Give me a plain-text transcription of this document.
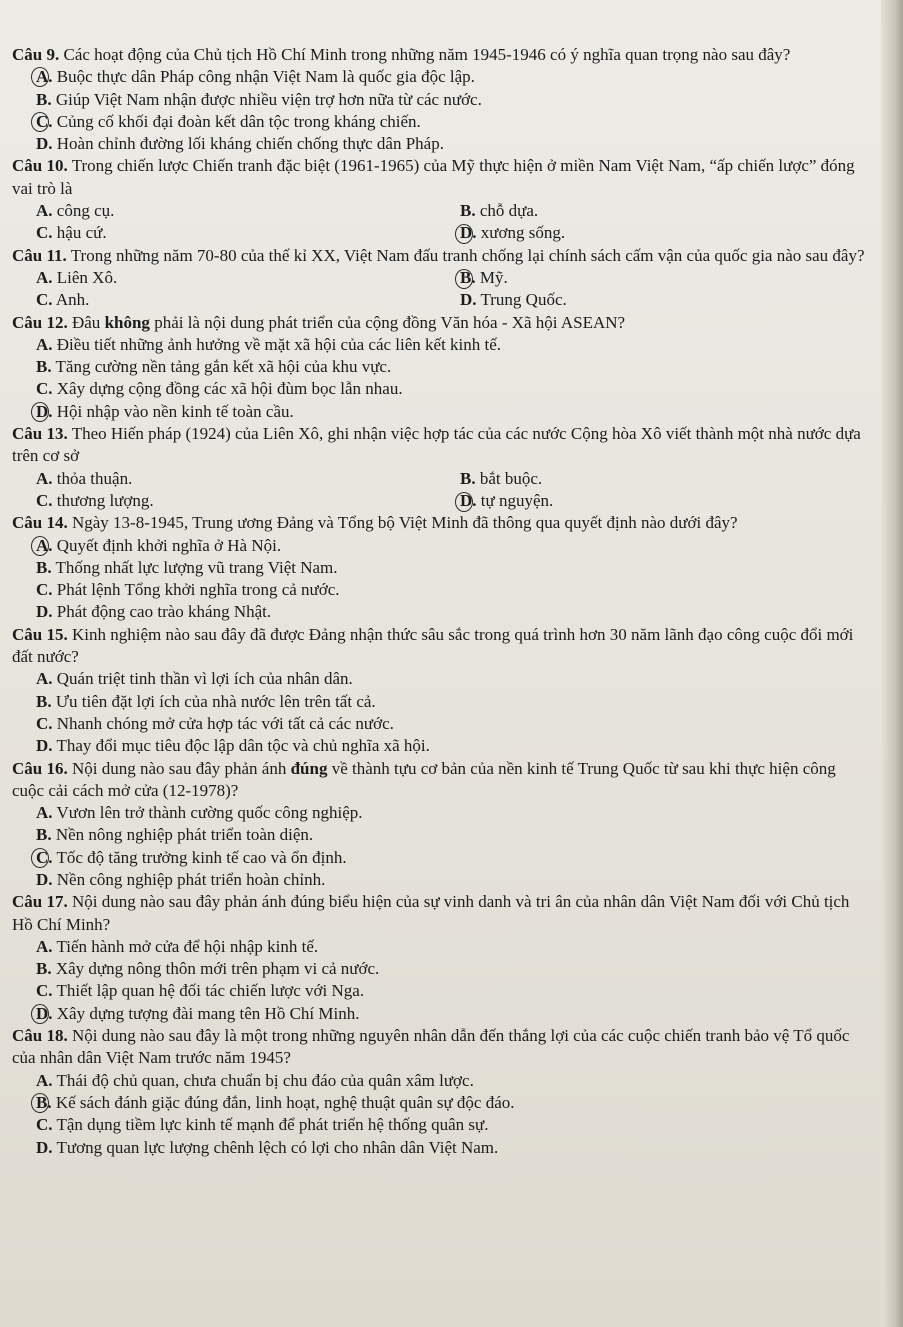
Câu 9. Các hoạt động của Chủ tịch Hồ Chí Minh trong những năm 1945-1946 có ý nghĩa quan trọng nào sau đây?
A. Buộc thực dân Pháp công nhận Việt Nam là quốc gia độc lập.
B. Giúp Việt Nam nhận được nhiều viện trợ hơn nữa từ các nước.
C. Củng cố khối đại đoàn kết dân tộc trong kháng chiến.
D. Hoàn chỉnh đường lối kháng chiến chống thực dân Pháp.
Câu 10. Trong chiến lược Chiến tranh đặc biệt (1961-1965) của Mỹ thực hiện ở miền Nam Việt Nam, “ấp chiến lược” đóng vai trò là
A. công cụ.	B. chỗ dựa.
C. hậu cứ.	D. xương sống.
Câu 11. Trong những năm 70-80 của thế kỉ XX, Việt Nam đấu tranh chống lại chính sách cấm vận của quốc gia nào sau đây?
A. Liên Xô.	B. Mỹ.
C. Anh.	D. Trung Quốc.
Câu 12. Đâu không phải là nội dung phát triển của cộng đồng Văn hóa - Xã hội ASEAN?
A. Điều tiết những ảnh hưởng về mặt xã hội của các liên kết kinh tế.
B. Tăng cường nền tảng gắn kết xã hội của khu vực.
C. Xây dựng cộng đồng các xã hội đùm bọc lẫn nhau.
D. Hội nhập vào nền kinh tế toàn cầu.
Câu 13. Theo Hiến pháp (1924) của Liên Xô, ghi nhận việc hợp tác của các nước Cộng hòa Xô viết thành một nhà nước dựa trên cơ sở
A. thỏa thuận.	B. bắt buộc.
C. thương lượng.	D. tự nguyện.
Câu 14. Ngày 13-8-1945, Trung ương Đảng và Tổng bộ Việt Minh đã thông qua quyết định nào dưới đây?
A. Quyết định khởi nghĩa ở Hà Nội.
B. Thống nhất lực lượng vũ trang Việt Nam.
C. Phát lệnh Tổng khởi nghĩa trong cả nước.
D. Phát động cao trào kháng Nhật.
Câu 15. Kinh nghiệm nào sau đây đã được Đảng nhận thức sâu sắc trong quá trình hơn 30 năm lãnh đạo công cuộc đổi mới đất nước?
A. Quán triệt tinh thần vì lợi ích của nhân dân.
B. Ưu tiên đặt lợi ích của nhà nước lên trên tất cả.
C. Nhanh chóng mở cửa hợp tác với tất cả các nước.
D. Thay đổi mục tiêu độc lập dân tộc và chủ nghĩa xã hội.
Câu 16. Nội dung nào sau đây phản ánh đúng về thành tựu cơ bản của nền kinh tế Trung Quốc từ sau khi thực hiện công cuộc cải cách mở cửa (12-1978)?
A. Vươn lên trở thành cường quốc công nghiệp.
B. Nền nông nghiệp phát triển toàn diện.
C. Tốc độ tăng trưởng kinh tế cao và ổn định.
D. Nền công nghiệp phát triển hoàn chỉnh.
Câu 17. Nội dung nào sau đây phản ánh đúng biểu hiện của sự vinh danh và tri ân của nhân dân Việt Nam đối với Chủ tịch Hồ Chí Minh?
A. Tiến hành mở cửa để hội nhập kinh tế.
B. Xây dựng nông thôn mới trên phạm vi cả nước.
C. Thiết lập quan hệ đối tác chiến lược với Nga.
D. Xây dựng tượng đài mang tên Hồ Chí Minh.
Câu 18. Nội dung nào sau đây là một trong những nguyên nhân dẫn đến thắng lợi của các cuộc chiến tranh bảo vệ Tổ quốc của nhân dân Việt Nam trước năm 1945?
A. Thái độ chủ quan, chưa chuẩn bị chu đáo của quân xâm lược.
B. Kế sách đánh giặc đúng đắn, linh hoạt, nghệ thuật quân sự độc đáo.
C. Tận dụng tiềm lực kinh tế mạnh để phát triển hệ thống quân sự.
D. Tương quan lực lượng chênh lệch có lợi cho nhân dân Việt Nam.
